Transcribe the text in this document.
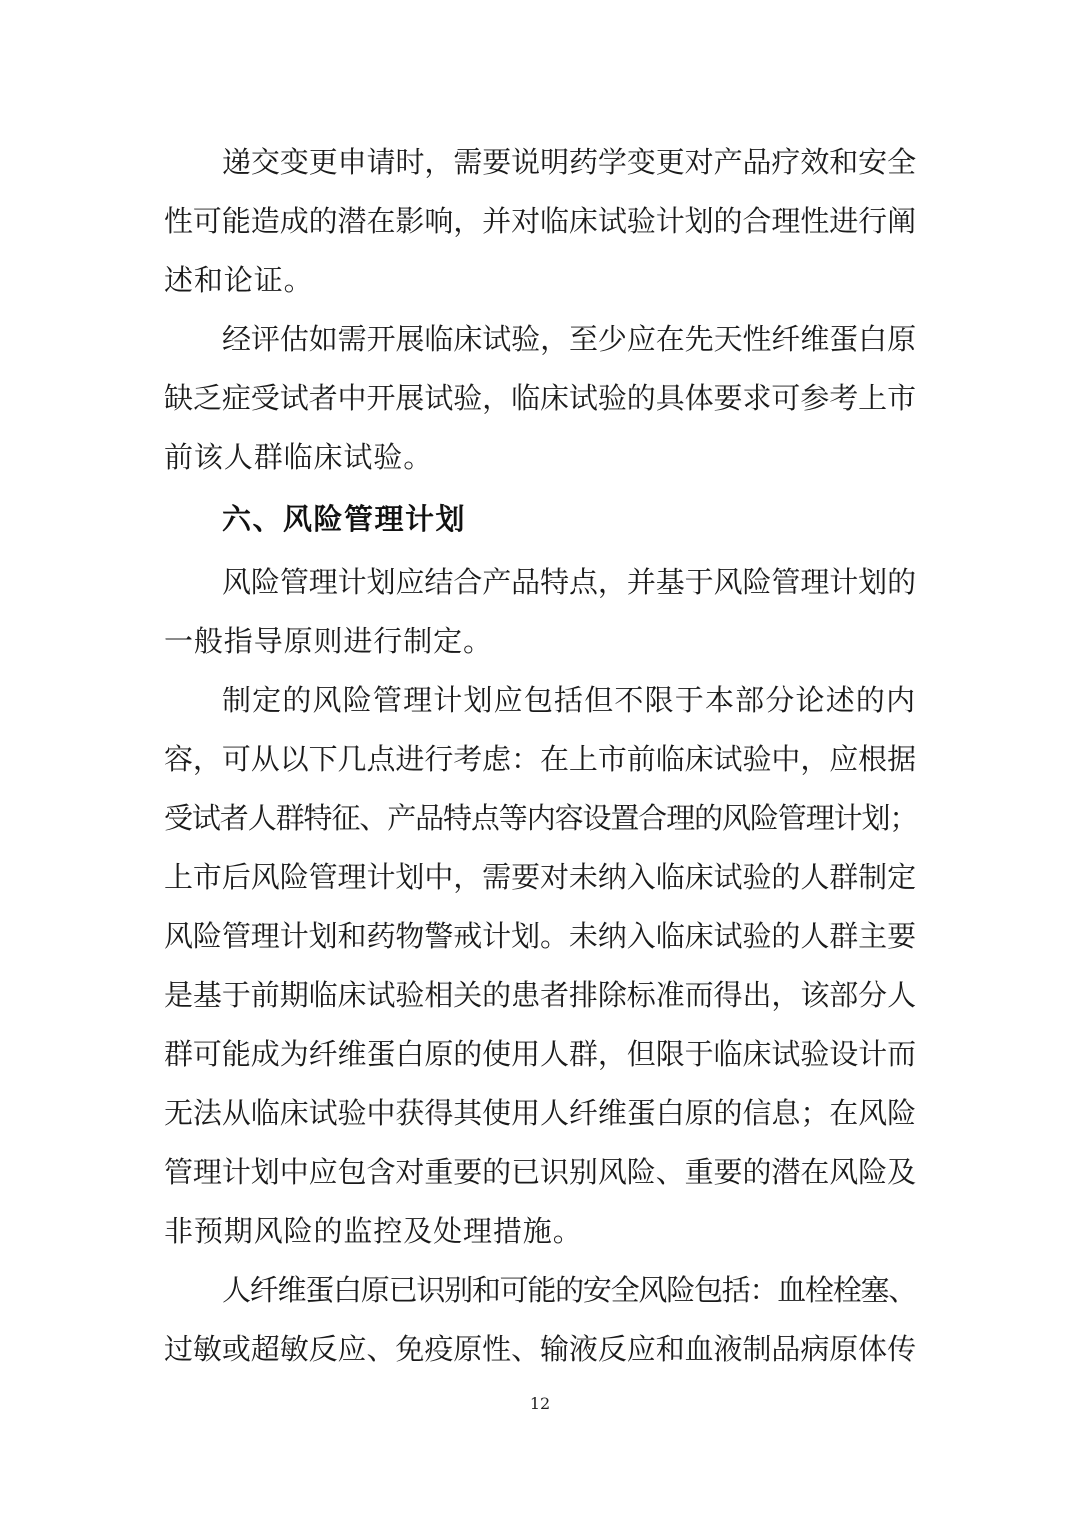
递交变更申请时，需要说明药学变更对产品疗效和安全
性可能造成的潜在影响，并对临床试验计划的合理性进行阐
述和论证。
经评估如需开展临床试验，至少应在先天性纤维蛋白原
缺乏症受试者中开展试验，临床试验的具体要求可参考上市
前该人群临床试验。
六、风险管理计划
风险管理计划应结合产品特点，并基于风险管理计划的
一般指导原则进行制定。
制定的风险管理计划应包括但不限于本部分论述的内
容，可从以下几点进行考虑：在上市前临床试验中，应根据
受试者人群特征、产品特点等内容设置合理的风险管理计划；
上市后风险管理计划中，需要对未纳入临床试验的人群制定
风险管理计划和药物警戒计划。未纳入临床试验的人群主要
是基于前期临床试验相关的患者排除标准而得出，该部分人
群可能成为纤维蛋白原的使用人群，但限于临床试验设计而
无法从临床试验中获得其使用人纤维蛋白原的信息；在风险
管理计划中应包含对重要的已识别风险、重要的潜在风险及
非预期风险的监控及处理措施。
人纤维蛋白原已识别和可能的安全风险包括：血栓栓塞、
过敏或超敏反应、免疫原性、输液反应和血液制品病原体传
12
